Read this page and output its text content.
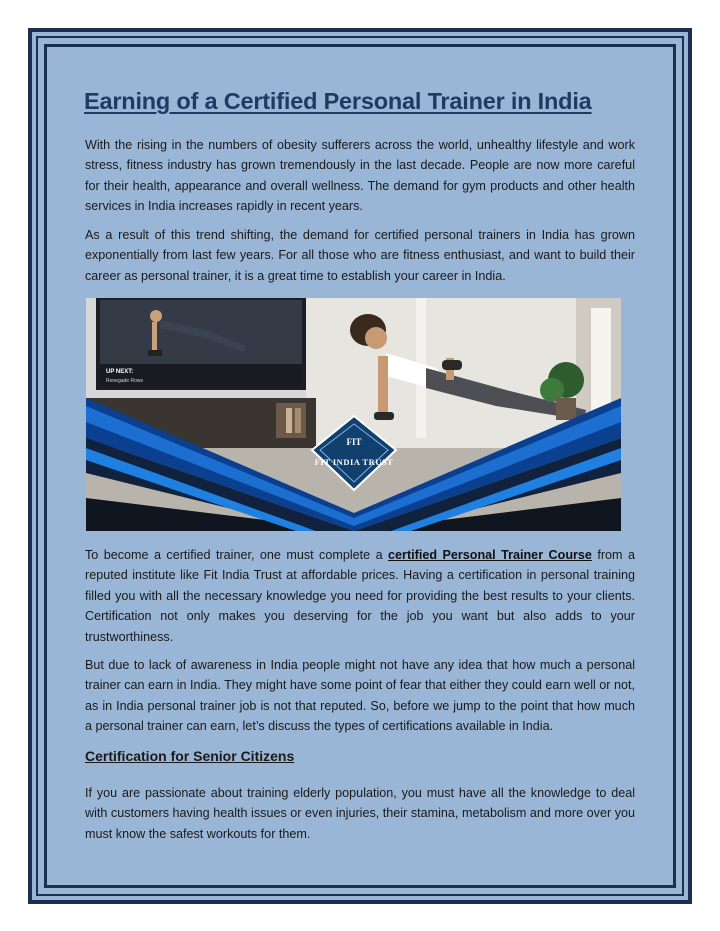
Earning of a Certified Personal Trainer in India

With the rising in the numbers of obesity sufferers across the world, unhealthy lifestyle and work stress, fitness industry has grown tremendously in the last decade. People are now more careful for their health, appearance and overall wellness. The demand for gym products and other health services in India increases rapidly in recent years.

As a result of this trend shifting, the demand for certified personal trainers in India has grown exponentially from last few years. For all those who are fitness enthusiast, and want to build their career as personal trainer, it is a great time to establish your career in India.

UP NEXT:
Renegade Rows
FIT
FIT INDIA TRUST

To become a certified trainer, one must complete a certified Personal Trainer Course from a reputed institute like Fit India Trust at affordable prices. Having a certification in personal training filled you with all the necessary knowledge you need for providing the best results to your clients. Certification not only makes you deserving for the job you want but also adds to your trustworthiness.

But due to lack of awareness in India people might not have any idea that how much a personal trainer can earn in India. They might have some point of fear that either they could earn well or not, as in India personal trainer job is not that reputed. So, before we jump to the point that how much a personal trainer can earn, let’s discuss the types of certifications available in India.

Certification for Senior Citizens

If you are passionate about training elderly population, you must have all the knowledge to deal with customers having health issues or even injuries, their stamina, metabolism and more over you must know the safest workouts for them.
